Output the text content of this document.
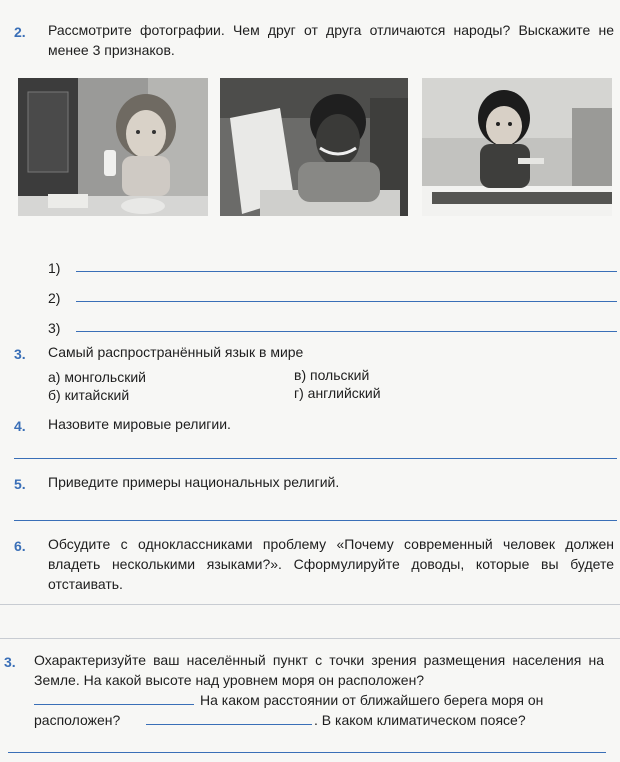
2. Рассмотрите фотографии. Чем друг от друга отличаются народы? Выскажите не менее 3 признаков.
1)
2)
3)
3. Самый распространённый язык в мире
а) монгольский
б) китайский
в) польский
г) английский
4. Назовите мировые религии.
5. Приведите примеры национальных религий.
6. Обсудите с одноклассниками проблему «Почему современный человек должен владеть несколькими языками?». Сформулируйте доводы, которые вы будете отстаивать.
3. Охарактеризуйте ваш населённый пункт с точки зрения размещения населения на Земле. На какой высоте над уровнем моря он расположен?
На каком расстоянии от ближайшего берега моря он
расположен?	. В каком климатическом поясе?
